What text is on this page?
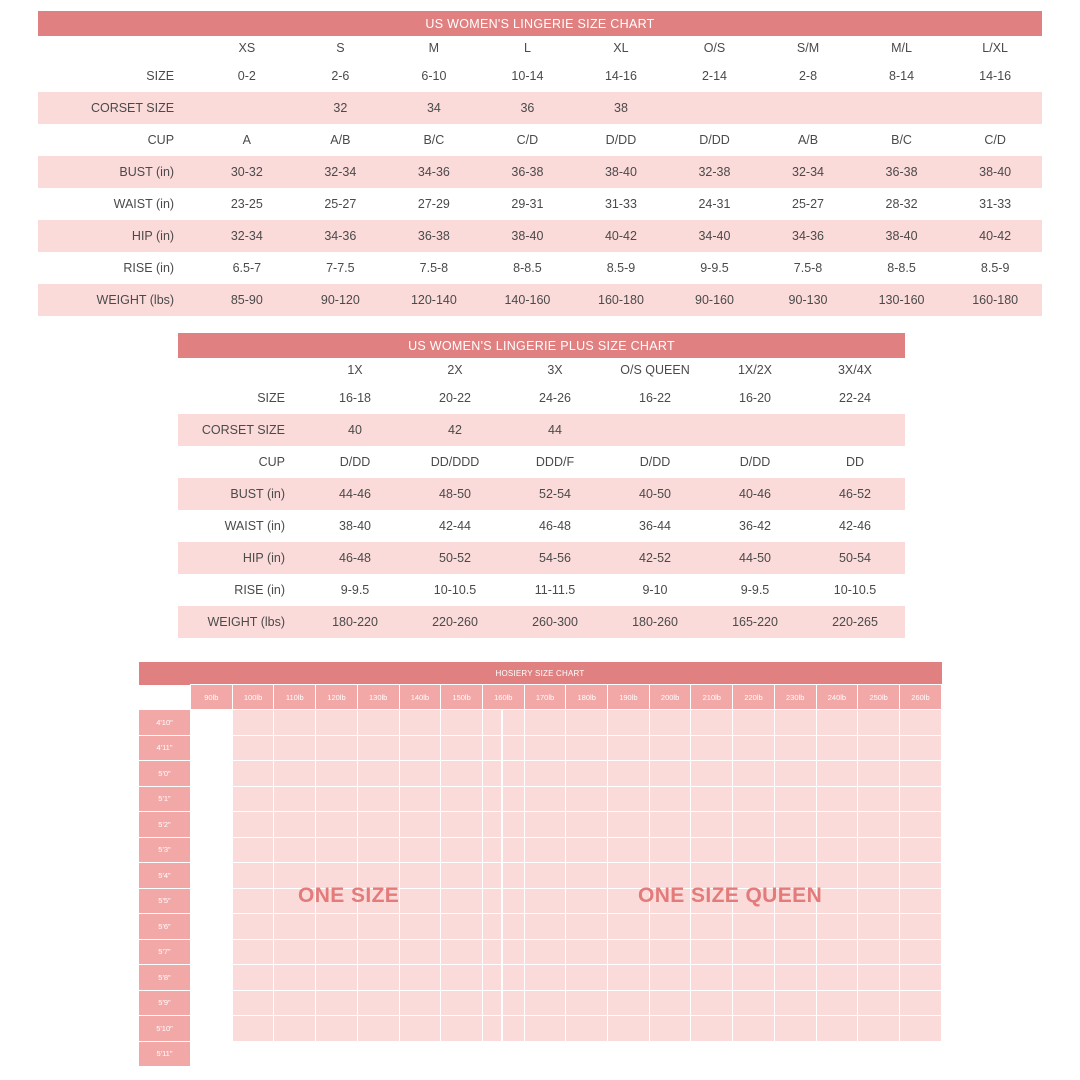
US WOMEN'S LINGERIE SIZE CHART									
	XS	S	M	L	XL	O/S	S/M	M/L	L/XL
SIZE	0-2	2-6	6-10	10-14	14-16	2-14	2-8	8-14	14-16
CORSET SIZE		32	34	36	38				
CUP	A	A/B	B/C	C/D	D/DD	D/DD	A/B	B/C	C/D
BUST (in)	30-32	32-34	34-36	36-38	38-40	32-38	32-34	36-38	38-40
WAIST (in)	23-25	25-27	27-29	29-31	31-33	24-31	25-27	28-32	31-33
HIP (in)	32-34	34-36	36-38	38-40	40-42	34-40	34-36	38-40	40-42
RISE (in)	6.5-7	7-7.5	7.5-8	8-8.5	8.5-9	9-9.5	7.5-8	8-8.5	8.5-9
WEIGHT (lbs)	85-90	90-120	120-140	140-160	160-180	90-160	90-130	130-160	160-180
US WOMEN'S LINGERIE PLUS SIZE CHART						
	1X	2X	3X	O/S QUEEN	1X/2X	3X/4X
SIZE	16-18	20-22	24-26	16-22	16-20	22-24
CORSET SIZE	40	42	44			
CUP	D/DD	DD/DDD	DDD/F	D/DD	D/DD	DD
BUST (in)	44-46	48-50	52-54	40-50	40-46	46-52
WAIST (in)	38-40	42-44	46-48	36-44	36-42	42-46
HIP (in)	46-48	50-52	54-56	42-52	44-50	50-54
RISE (in)	9-9.5	10-10.5	11-11.5	9-10	9-9.5	10-10.5
WEIGHT (lbs)	180-220	220-260	260-300	180-260	165-220	220-265
HOSIERY SIZE CHART																		
	90lb	100lb	110lb	120lb	130lb	140lb	150lb	160lb	170lb	180lb	190lb	200lb	210lb	220lb	230lb	240lb	250lb	260lb
4'10"																		
4'11"																		
5'0"																		
5'1"																		
5'2"																		
5'3"																		
5'4"																		
5'5"																		
5'6"																		
5'7"																		
5'8"																		
5'9"																		
5'10"																		
5'11"																		
ONE SIZE	ONE SIZE QUEEN
